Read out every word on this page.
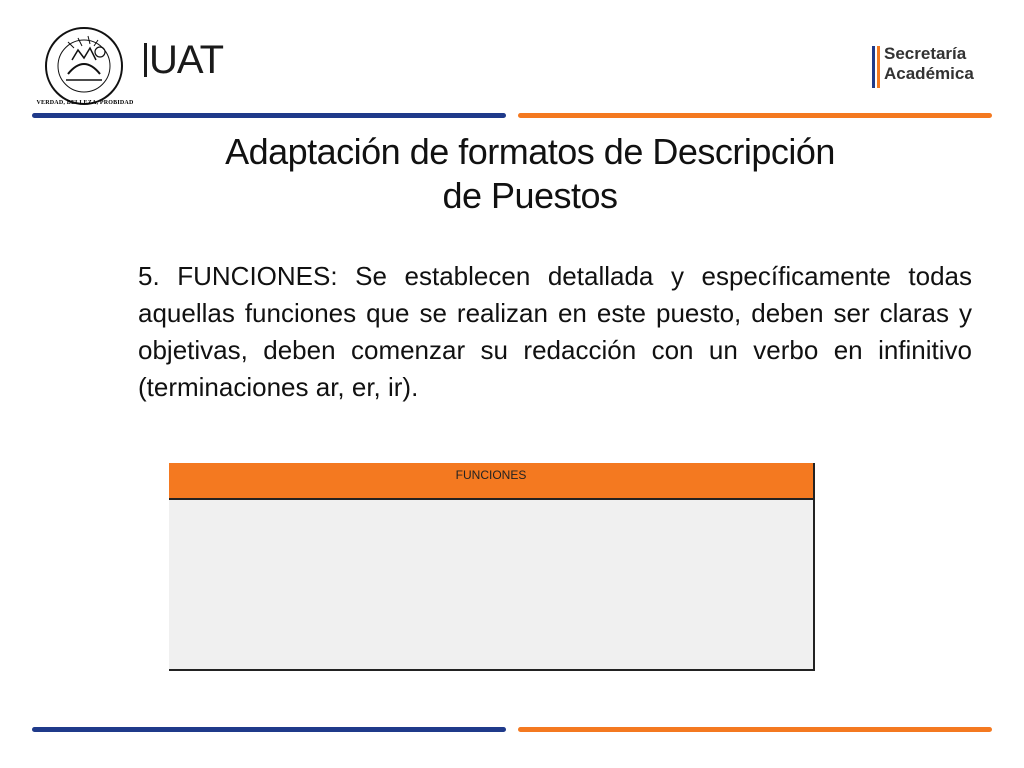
VERDAD, BELLEZA, PROBIDAD
UAT	Secretaría
Académica
Adaptación de formatos de Descripción
de Puestos
5. FUNCIONES: Se establecen detallada y específicamente todas aquellas funciones que se realizan en este puesto, deben ser claras y objetivas, deben comenzar su redacción con un verbo en infinitivo (terminaciones ar, er, ir).
FUNCIONES
